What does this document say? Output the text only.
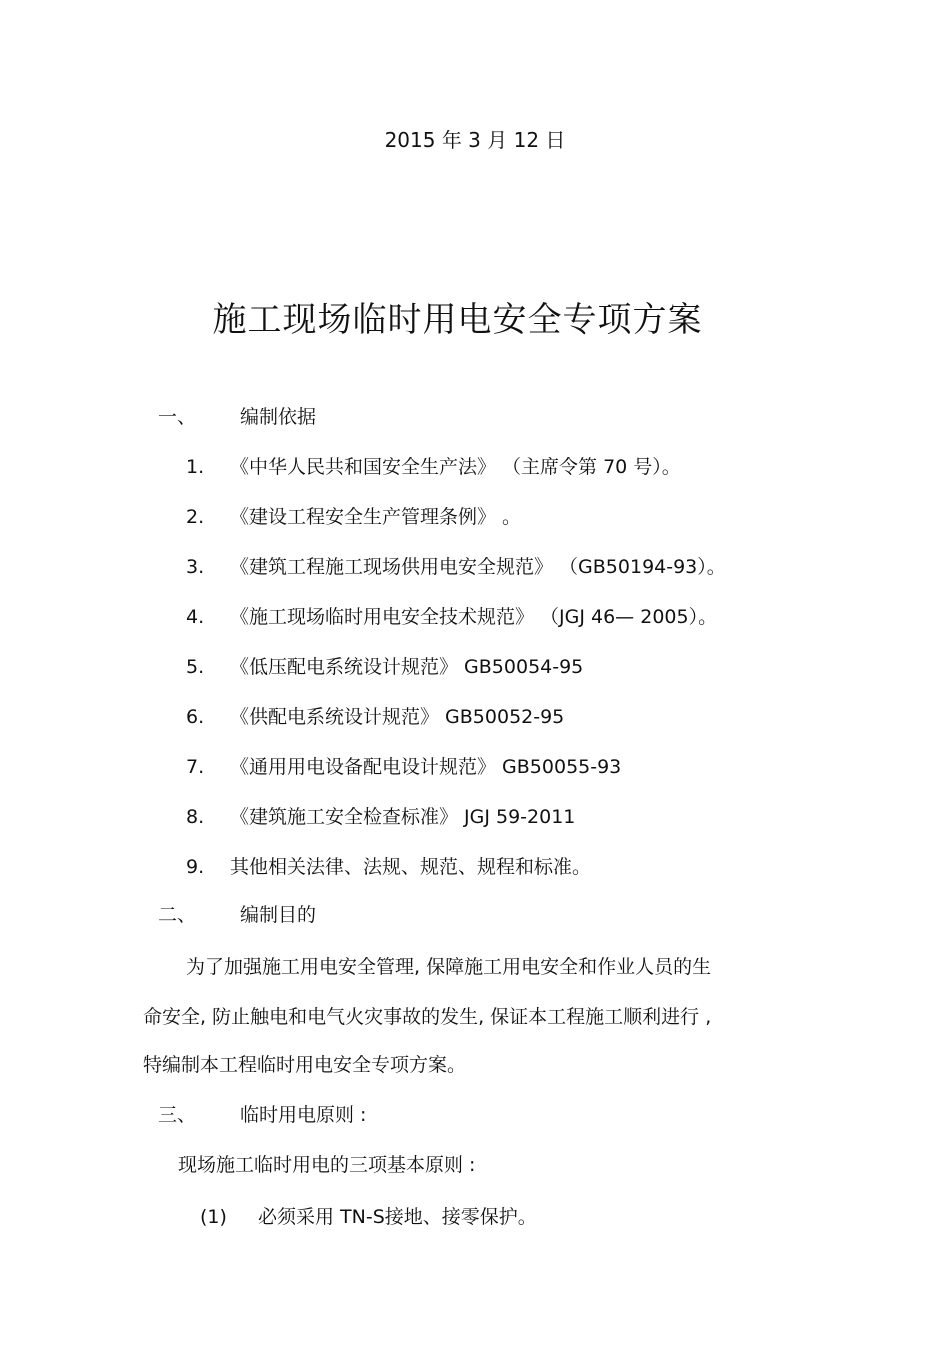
2015 年 3 月 12 日
施工现场临时用电安全专项方案
一、 编制依据
1. 《中华人民共和国安全生产法》 （主席令第 70 号）。
2. 《建设工程安全生产管理条例》 。
3. 《建筑工程施工现场供用电安全规范》 （GB50194-93）。
4. 《施工现场临时用电安全技术规范》 （JGJ 46— 2005）。
5. 《低压配电系统设计规范》 GB50054-95
6. 《供配电系统设计规范》 GB50052-95
7. 《通用用电设备配电设计规范》 GB50055-93
8. 《建筑施工安全检查标准》 JGJ 59-2011
9. 其他相关法律、法规、规范、规程和标准。
二、 编制目的
为了加强施工用电安全管理, 保障施工用电安全和作业人员的生
命安全, 防止触电和电气火灾事故的发生, 保证本工程施工顺利进行 ,
特编制本工程临时用电安全专项方案。
三、 临时用电原则 :
现场施工临时用电的三项基本原则 :
(1) 必须采用 TN-S接地、接零保护。
